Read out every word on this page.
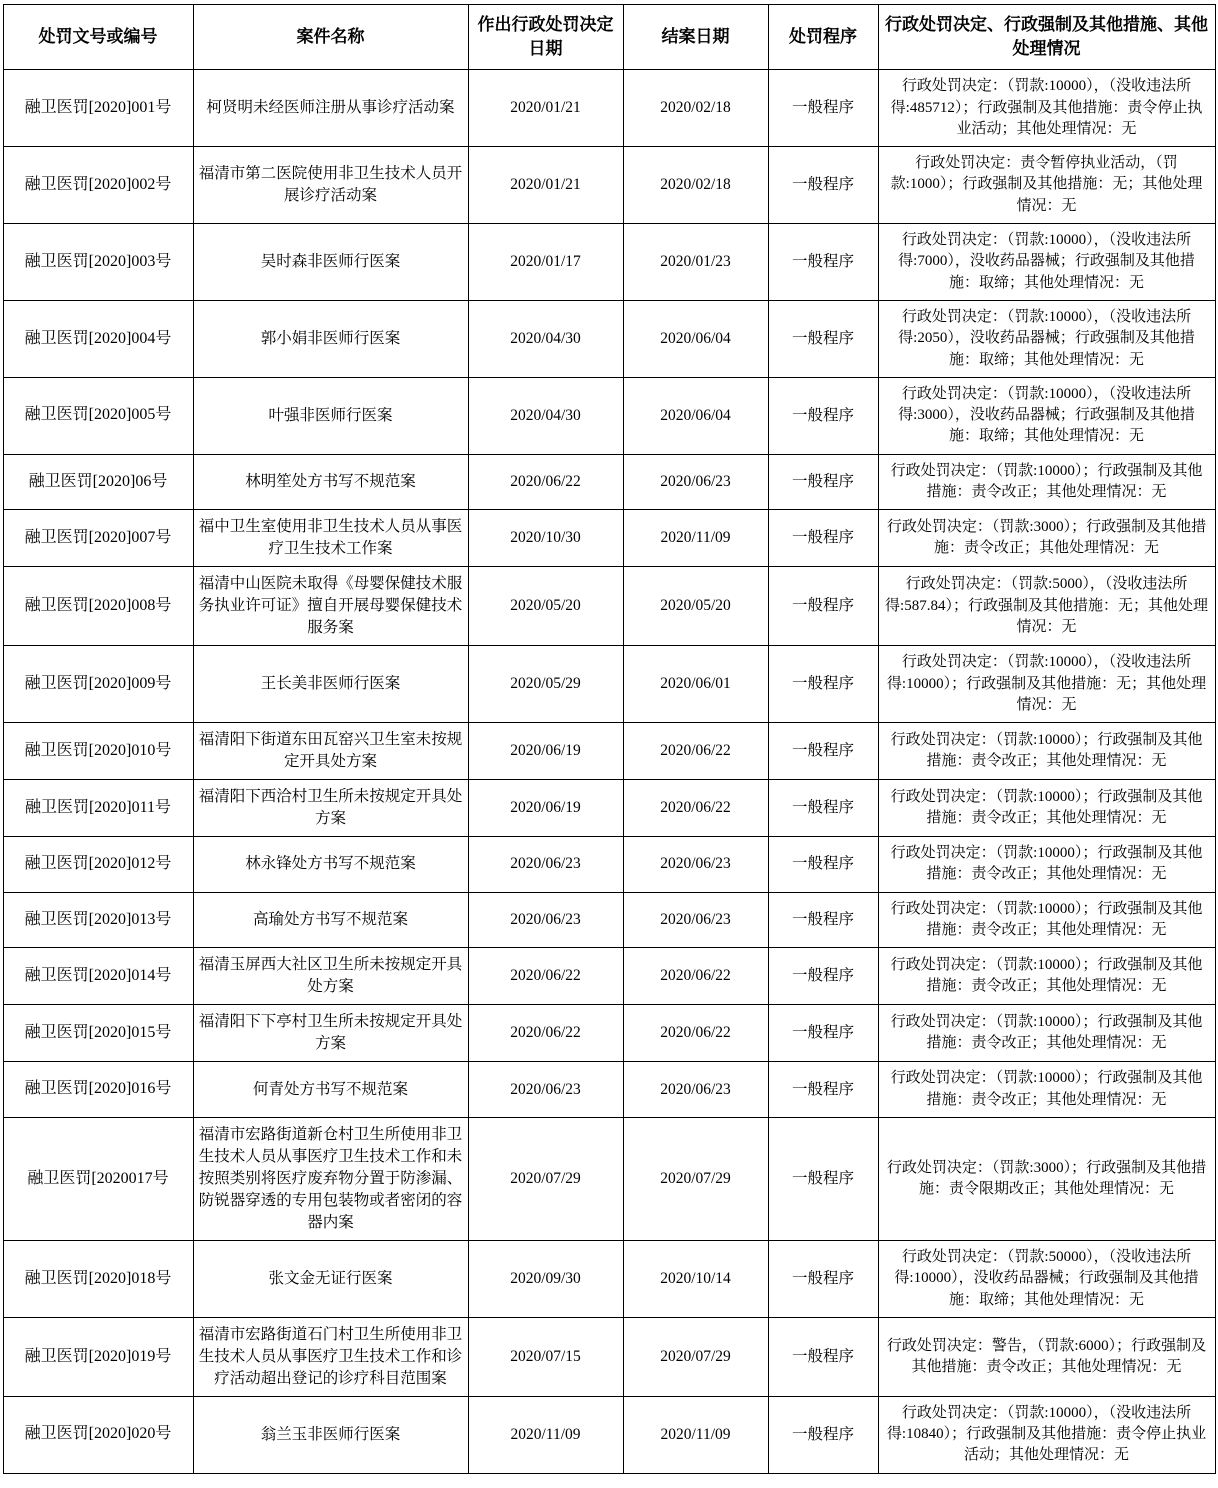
处罚文号或编号	案件名称	作出行政处罚决定日期	结案日期	处罚程序	行政处罚决定、行政强制及其他措施、其他处理情况
融卫医罚[2020]001号	柯贤明未经医师注册从事诊疗活动案	2020/01/21	2020/02/18	一般程序	行政处罚决定：（罚款:10000），（没收违法所得:485712）；行政强制及其他措施：责令停止执业活动；其他处理情况：无
融卫医罚[2020]002号	福清市第二医院使用非卫生技术人员开展诊疗活动案	2020/01/21	2020/02/18	一般程序	行政处罚决定：责令暂停执业活动，（罚款:1000）；行政强制及其他措施：无；其他处理情况：无
融卫医罚[2020]003号	吴时森非医师行医案	2020/01/17	2020/01/23	一般程序	行政处罚决定：（罚款:10000），（没收违法所得:7000），没收药品器械；行政强制及其他措施：取缔；其他处理情况：无
融卫医罚[2020]004号	郭小娟非医师行医案	2020/04/30	2020/06/04	一般程序	行政处罚决定：（罚款:10000），（没收违法所得:2050），没收药品器械；行政强制及其他措施：取缔；其他处理情况：无
融卫医罚[2020]005号	叶强非医师行医案	2020/04/30	2020/06/04	一般程序	行政处罚决定：（罚款:10000），（没收违法所得:3000），没收药品器械；行政强制及其他措施：取缔；其他处理情况：无
融卫医罚[2020]06号	林明笙处方书写不规范案	2020/06/22	2020/06/23	一般程序	行政处罚决定：（罚款:10000）；行政强制及其他措施：责令改正；其他处理情况：无
融卫医罚[2020]007号	福中卫生室使用非卫生技术人员从事医疗卫生技术工作案	2020/10/30	2020/11/09	一般程序	行政处罚决定：（罚款:3000）；行政强制及其他措施：责令改正；其他处理情况：无
融卫医罚[2020]008号	福清中山医院未取得《母婴保健技术服务执业许可证》擅自开展母婴保健技术服务案	2020/05/20	2020/05/20	一般程序	行政处罚决定：（罚款:5000），（没收违法所得:587.84）；行政强制及其他措施：无；其他处理情况：无
融卫医罚[2020]009号	王长美非医师行医案	2020/05/29	2020/06/01	一般程序	行政处罚决定：（罚款:10000），（没收违法所得:10000）；行政强制及其他措施：无；其他处理情况：无
融卫医罚[2020]010号	福清阳下街道东田瓦窑兴卫生室未按规定开具处方案	2020/06/19	2020/06/22	一般程序	行政处罚决定：（罚款:10000）；行政强制及其他措施：责令改正；其他处理情况：无
融卫医罚[2020]011号	福清阳下西洽村卫生所未按规定开具处方案	2020/06/19	2020/06/22	一般程序	行政处罚决定：（罚款:10000）；行政强制及其他措施：责令改正；其他处理情况：无
融卫医罚[2020]012号	林永锋处方书写不规范案	2020/06/23	2020/06/23	一般程序	行政处罚决定：（罚款:10000）；行政强制及其他措施：责令改正；其他处理情况：无
融卫医罚[2020]013号	高瑜处方书写不规范案	2020/06/23	2020/06/23	一般程序	行政处罚决定：（罚款:10000）；行政强制及其他措施：责令改正；其他处理情况：无
融卫医罚[2020]014号	福清玉屏西大社区卫生所未按规定开具处方案	2020/06/22	2020/06/22	一般程序	行政处罚决定：（罚款:10000）；行政强制及其他措施：责令改正；其他处理情况：无
融卫医罚[2020]015号	福清阳下下亭村卫生所未按规定开具处方案	2020/06/22	2020/06/22	一般程序	行政处罚决定：（罚款:10000）；行政强制及其他措施：责令改正；其他处理情况：无
融卫医罚[2020]016号	何青处方书写不规范案	2020/06/23	2020/06/23	一般程序	行政处罚决定：（罚款:10000）；行政强制及其他措施：责令改正；其他处理情况：无
融卫医罚[2020017号	福清市宏路街道新仓村卫生所使用非卫生技术人员从事医疗卫生技术工作和未按照类别将医疗废弃物分置于防渗漏、防锐器穿透的专用包装物或者密闭的容器内案	2020/07/29	2020/07/29	一般程序	行政处罚决定：（罚款:3000）；行政强制及其他措施：责令限期改正；其他处理情况：无
融卫医罚[2020]018号	张文金无证行医案	2020/09/30	2020/10/14	一般程序	行政处罚决定：（罚款:50000），（没收违法所得:10000），没收药品器械；行政强制及其他措施：取缔；其他处理情况：无
融卫医罚[2020]019号	福清市宏路街道石门村卫生所使用非卫生技术人员从事医疗卫生技术工作和诊疗活动超出登记的诊疗科目范围案	2020/07/15	2020/07/29	一般程序	行政处罚决定：警告，（罚款:6000）；行政强制及其他措施：责令改正；其他处理情况：无
融卫医罚[2020]020号	翁兰玉非医师行医案	2020/11/09	2020/11/09	一般程序	行政处罚决定：（罚款:10000），（没收违法所得:10840）；行政强制及其他措施：责令停止执业活动；其他处理情况：无
